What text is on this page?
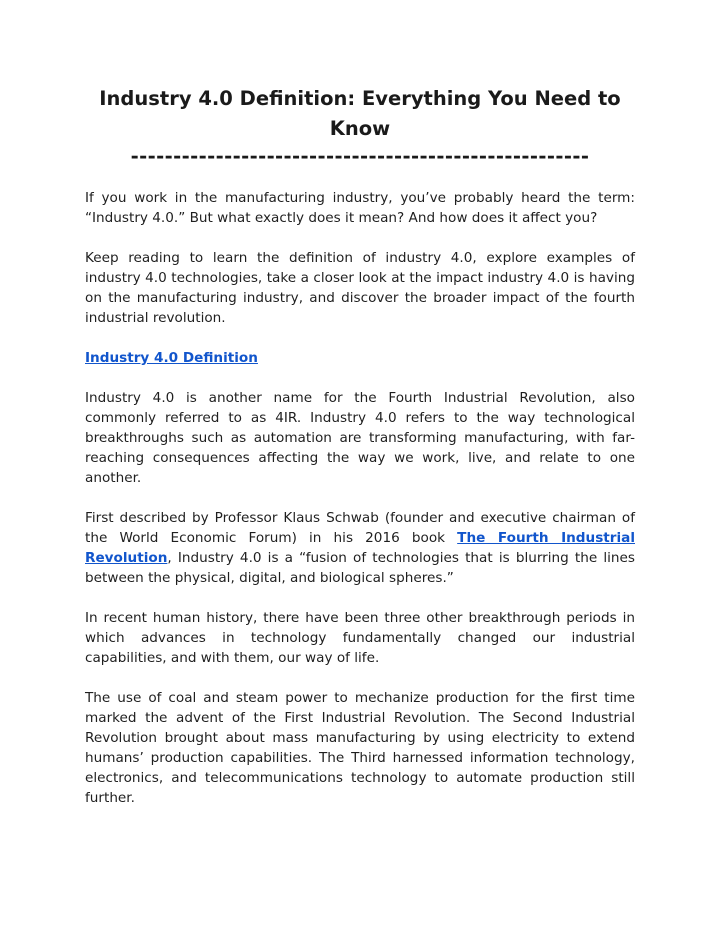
Industry 4.0 Definition: Everything You Need to Know
------------------------------------------------------

If you work in the manufacturing industry, you’ve probably heard the term: “Industry 4.0.” But what exactly does it mean? And how does it affect you?

Keep reading to learn the definition of industry 4.0, explore examples of industry 4.0 technologies, take a closer look at the impact industry 4.0 is having on the manufacturing industry, and discover the broader impact of the fourth industrial revolution.

Industry 4.0 Definition

Industry 4.0 is another name for the Fourth Industrial Revolution, also commonly referred to as 4IR. Industry 4.0 refers to the way technological breakthroughs such as automation are transforming manufacturing, with far-reaching consequences affecting the way we work, live, and relate to one another.

First described by Professor Klaus Schwab (founder and executive chairman of the World Economic Forum) in his 2016 book The Fourth Industrial Revolution, Industry 4.0 is a “fusion of technologies that is blurring the lines between the physical, digital, and biological spheres.”

In recent human history, there have been three other breakthrough periods in which advances in technology fundamentally changed our industrial capabilities, and with them, our way of life.

The use of coal and steam power to mechanize production for the first time marked the advent of the First Industrial Revolution. The Second Industrial Revolution brought about mass manufacturing by using electricity to extend humans’ production capabilities. The Third harnessed information technology, electronics, and telecommunications technology to automate production still further.
